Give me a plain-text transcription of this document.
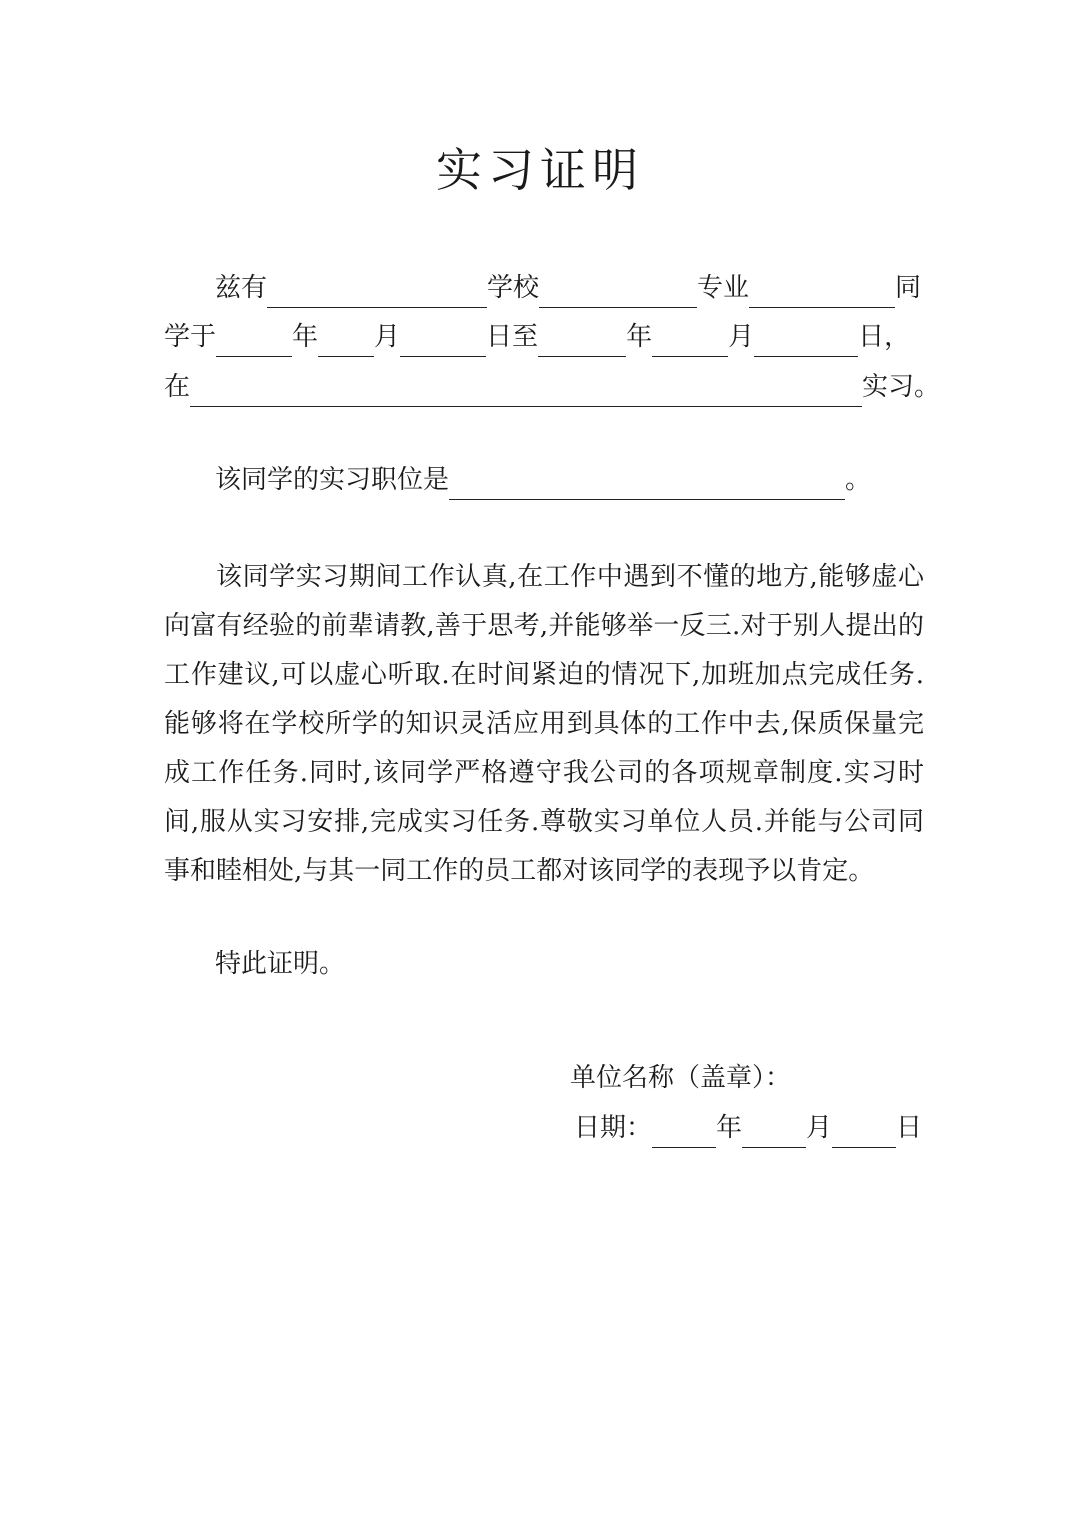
实习证明
兹有	学校	专业	同
学于	年 月	日至	年	月	日，
在	实习。
该同学的实习职位是	。
该同学实习期间工作认真,在工作中遇到不懂的地方,能够虚心向富有经验的前辈请教,善于思考,并能够举一反三.对于别人提出的工作建议,可以虚心听取.在时间紧迫的情况下,加班加点完成任务.能够将在学校所学的知识灵活应用到具体的工作中去,保质保量完成工作任务.同时,该同学严格遵守我公司的各项规章制度.实习时间,服从实习安排,完成实习任务.尊敬实习单位人员.并能与公司同事和睦相处,与其一同工作的员工都对该同学的表现予以肯定。
特此证明。
单位名称（盖章）：
日期： 年 月 日
